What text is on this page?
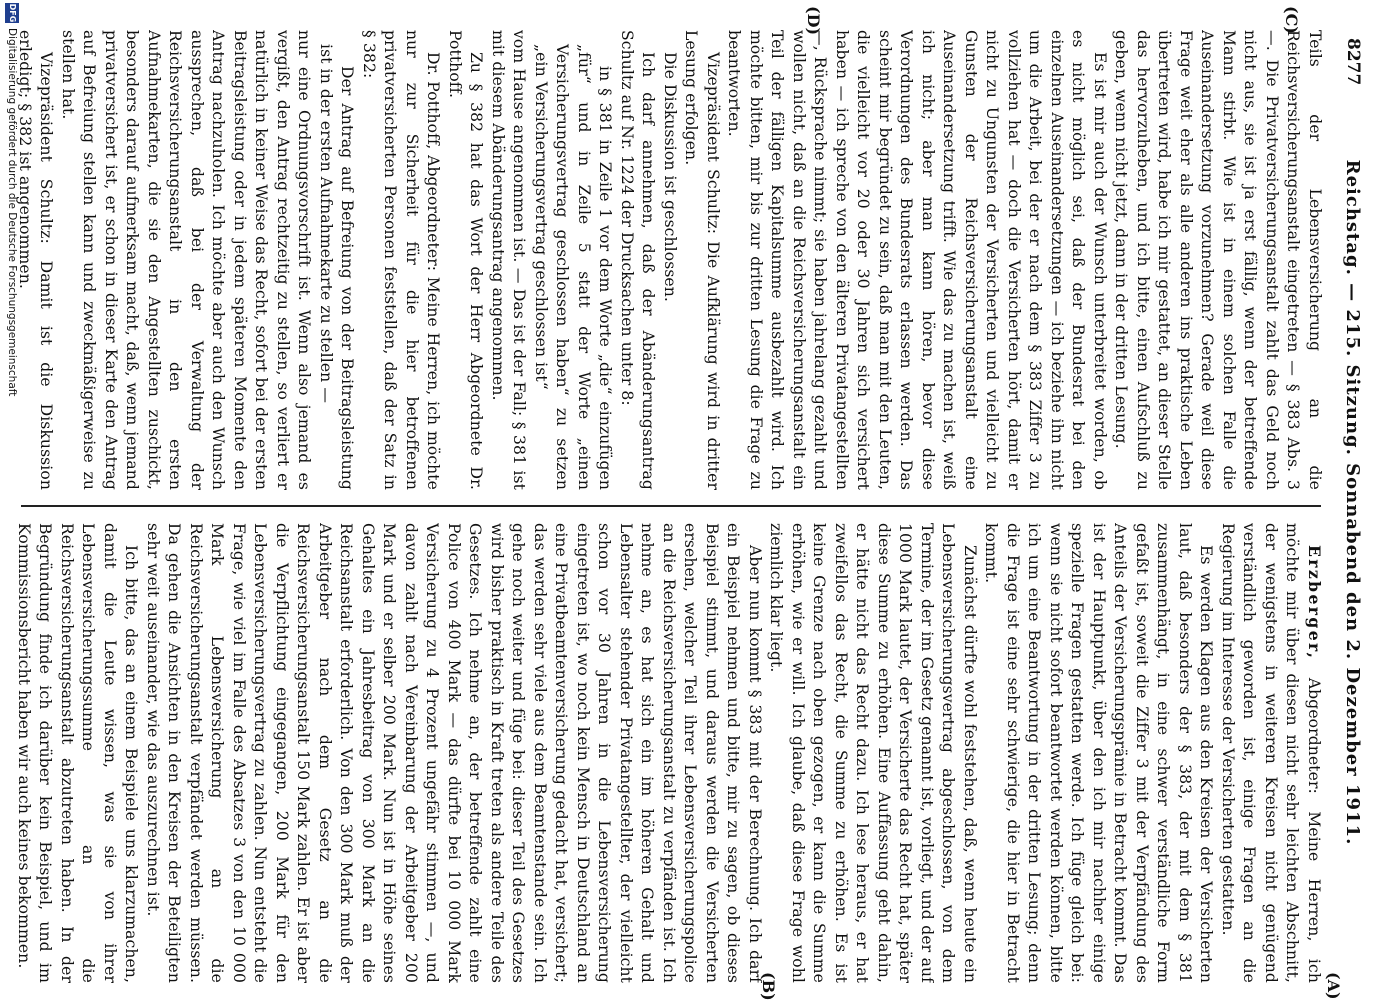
8277
Reichstag. — 215. Sitzung. Sonnabend den 2. Dezember 1911.
(A)
(B)
(C)
(D)

Erzberger, Abgeordneter: Meine Herren, ich möchte mir über diesen nicht sehr leichten Abschnitt, der wenigstens in weiteren Kreisen nicht genügend verständlich geworden ist, einige Fragen an die Regierung im Interesse der Versicherten gestatten.

Es werden Klagen aus den Kreisen der Versicherten laut, daß besonders der § 383, der mit dem § 381 zusammenhängt, in eine schwer verständliche Form gefaßt ist, soweit die Ziffer 3 mit der Verpfändung des Anteils der Versicherungsprämie in Betracht kommt. Das ist der Hauptpunkt, über den ich mir nachher einige spezielle Fragen gestatten werde. Ich füge gleich bei: wenn sie nicht sofort beantwortet werden können, bitte ich um eine Beantwortung in der dritten Lesung; denn die Frage ist eine sehr schwierige, die hier in Betracht kommt.

Zunächst dürfte wohl feststehen, daß, wenn heute ein Lebensversicherungsvertrag abgeschlossen, von dem Termine, der im Gesetz genannt ist, vorliegt, und der auf 1000 Mark lautet, der Versicherte das Recht hat, später diese Summe zu erhöhen. Eine Auffassung geht dahin, er hätte nicht das Recht dazu. Ich lese heraus, er hat zweifellos das Recht, die Summe zu erhöhen. Es ist keine Grenze nach oben gezogen, er kann die Summe erhöhen, wie er will. Ich glaube, daß diese Frage wohl ziemlich klar liegt.

Aber nun kommt § 383 mit der Berechnung. Ich darf ein Beispiel nehmen und bitte, mir zu sagen, ob dieses Beispiel stimmt, und daraus werden die Versicherten ersehen, welcher Teil ihrer Lebensversicherungspolice an die Reichsversicherungsanstalt zu verpfänden ist. Ich nehme an, es hat sich ein im höheren Gehalt und Lebensalter stehender Privatangestellter, der vielleicht schon vor 30 Jahren in die Lebensversicherung eingetreten ist, wo noch kein Mensch in Deutschland an eine Privatbeamtenversicherung gedacht hat, versichert; das werden sehr viele aus dem Beamtenstande sein. Ich gehe noch weiter und füge bei: dieser Teil des Gesetzes wird bisher praktisch in Kraft treten als andere Teile des Gesetzes. Ich nehme an, der betreffende zahlt eine Police von 400 Mark — das dürfte bei 10 000 Mark Versicherung zu 4 Prozent ungefähr stimmen —, und davon zahlt nach Vereinbarung der Arbeitgeber 200 Mark und er selber 200 Mark. Nun ist in Höhe seines Gehaltes ein Jahresbeitrag von 300 Mark an die Reichsanstalt erforderlich. Von den 300 Mark muß der Arbeitgeber nach dem Gesetz an die Reichsversicherungsanstalt 150 Mark zahlen. Er ist aber die Verpflichtung eingegangen, 200 Mark für den Lebensversicherungsvertrag zu zahlen. Nun entsteht die Frage, wie viel im Falle des Absatzes 3 von den 10 000 Mark Lebensversicherung an die Reichsversicherungsanstalt verpfändet werden müssen. Da gehen die Ansichten in den Kreisen der Beteiligten sehr weit auseinander, wie das auszurechnen ist.

Ich bitte, das an einem Beispiele uns klarzumachen, damit die Leute wissen, was sie von ihrer Lebensversicherungssumme an die Reichsversicherungsanstalt abzutreten haben. In der Begründung finde ich darüber kein Beispiel, und im Kommissionsbericht haben wir auch keines bekommen.

Teils der Lebensversicherung an die Reichsversicherungsanstalt eingetreten — § 383 Abs. 3 —. Die Privatversicherungsanstalt zahlt das Geld noch nicht aus, sie ist ja erst fällig, wenn der betreffende Mann stirbt. Wie ist in einem solchen Falle die Auseinandersetzung vorzunehmen? Gerade weil diese Frage weit eher als alle anderen ins praktische Leben übertreten wird, habe ich mir gestattet, an dieser Stelle das hervorzuheben, und ich bitte, einen Aufschluß zu geben, wenn nicht jetzt, dann in der dritten Lesung.

Es ist mir auch der Wunsch unterbreitet worden, ob es nicht möglich sei, daß der Bundesrat bei den einzelnen Auseinandersetzungen — ich beziehe ihn nicht um die Arbeit, bei der er nach dem § 383 Ziffer 3 zu vollziehen hat — doch die Versicherten hört, damit er nicht zu Ungunsten der Versicherten und vielleicht zu Gunsten der Reichsversicherungsanstalt eine Auseinandersetzung trifft. Wie das zu machen ist, weiß ich nicht; aber man kann hören, bevor diese Verordnungen des Bundesrats erlassen werden. Das scheint mir begründet zu sein, daß man mit den Leuten, die vielleicht vor 20 oder 30 Jahren sich versichert haben — ich spreche von den älteren Privatangestellten —, Rücksprache nimmt; sie haben jahrelang gezahlt und wollen nicht, daß an die Reichsversicherungsanstalt ein Teil der fälligen Kapitalsumme ausbezahlt wird. Ich möchte bitten, mir bis zur dritten Lesung die Frage zu beantworten.

Vizepräsident Schultz: Die Aufklärung wird in dritter Lesung erfolgen.

Die Diskussion ist geschlossen.

Ich darf annehmen, daß der Abänderungsantrag Schultz auf Nr. 1224 der Drucksachen unter 8:

in § 381 in Zeile 1 vor dem Worte „die“ einzufügen „für“ und in Zeile 5 statt der Worte „einen Versicherungsvertrag geschlossen haben“ zu setzen „ein Versicherungsvertrag geschlossen ist“

vom Hause angenommen ist. — Das ist der Fall; § 381 ist mit diesem Abänderungsantrag angenommen.

Zu § 382 hat das Wort der Herr Abgeordnete Dr. Potthoff.

Dr. Potthoff, Abgeordneter: Meine Herren, ich möchte nur zur Sicherheit für die hier betroffenen privatversicherten Personen feststellen, daß der Satz in § 382:

Der Antrag auf Befreiung von der Beitragsleistung ist in der ersten Aufnahmekarte zu stellen —

nur eine Ordnungsvorschrift ist. Wenn also jemand es vergißt, den Antrag rechtzeitig zu stellen, so verliert er natürlich in keiner Weise das Recht, sofort bei der ersten Beitragsleistung oder in jedem späteren Momente den Antrag nachzuholen. Ich möchte aber auch den Wunsch aussprechen, daß bei der Verwaltung der Reichsversicherungsanstalt in den ersten Aufnahmekarten, die sie den Angestellten zuschickt, besonders darauf aufmerksam macht, daß, wenn jemand privatversichert ist, er schon in dieser Karte den Antrag auf Befreiung stellen kann und zweckmäßigerweise zu stellen hat.

Vizepräsident Schultz: Damit ist die Diskussion erledigt; § 382 ist angenommen.

DFG
Digitalisierung gefördert durch die Deutsche Forschungsgemeinschaft
